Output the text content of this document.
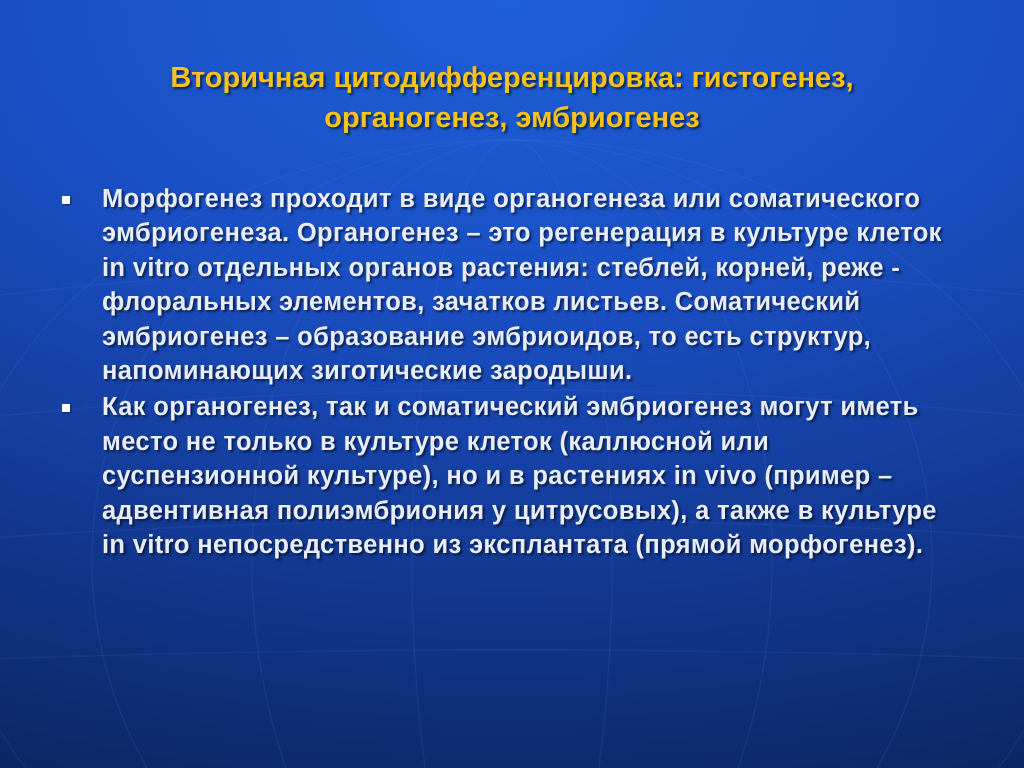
Вторичная цитодифференцировка: гистогенез,
органогенез, эмбриогенез
Морфогенез проходит в виде органогенеза или соматического эмбриогенеза. Органогенез – это регенерация в культуре клеток in vitro отдельных органов растения: стеблей, корней, реже - флоральных элементов, зачатков листьев. Соматический эмбриогенез – образование эмбриоидов, то есть структур, напоминающих зиготические зародыши.
Как органогенез, так и соматический эмбриогенез могут иметь место не только в культуре клеток (каллюсной или суспензионной культуре), но и в растениях in vivo (пример – адвентивная полиэмбриония у цитрусовых), а также в культуре in vitro непосредственно из эксплантата (прямой морфогенез).
